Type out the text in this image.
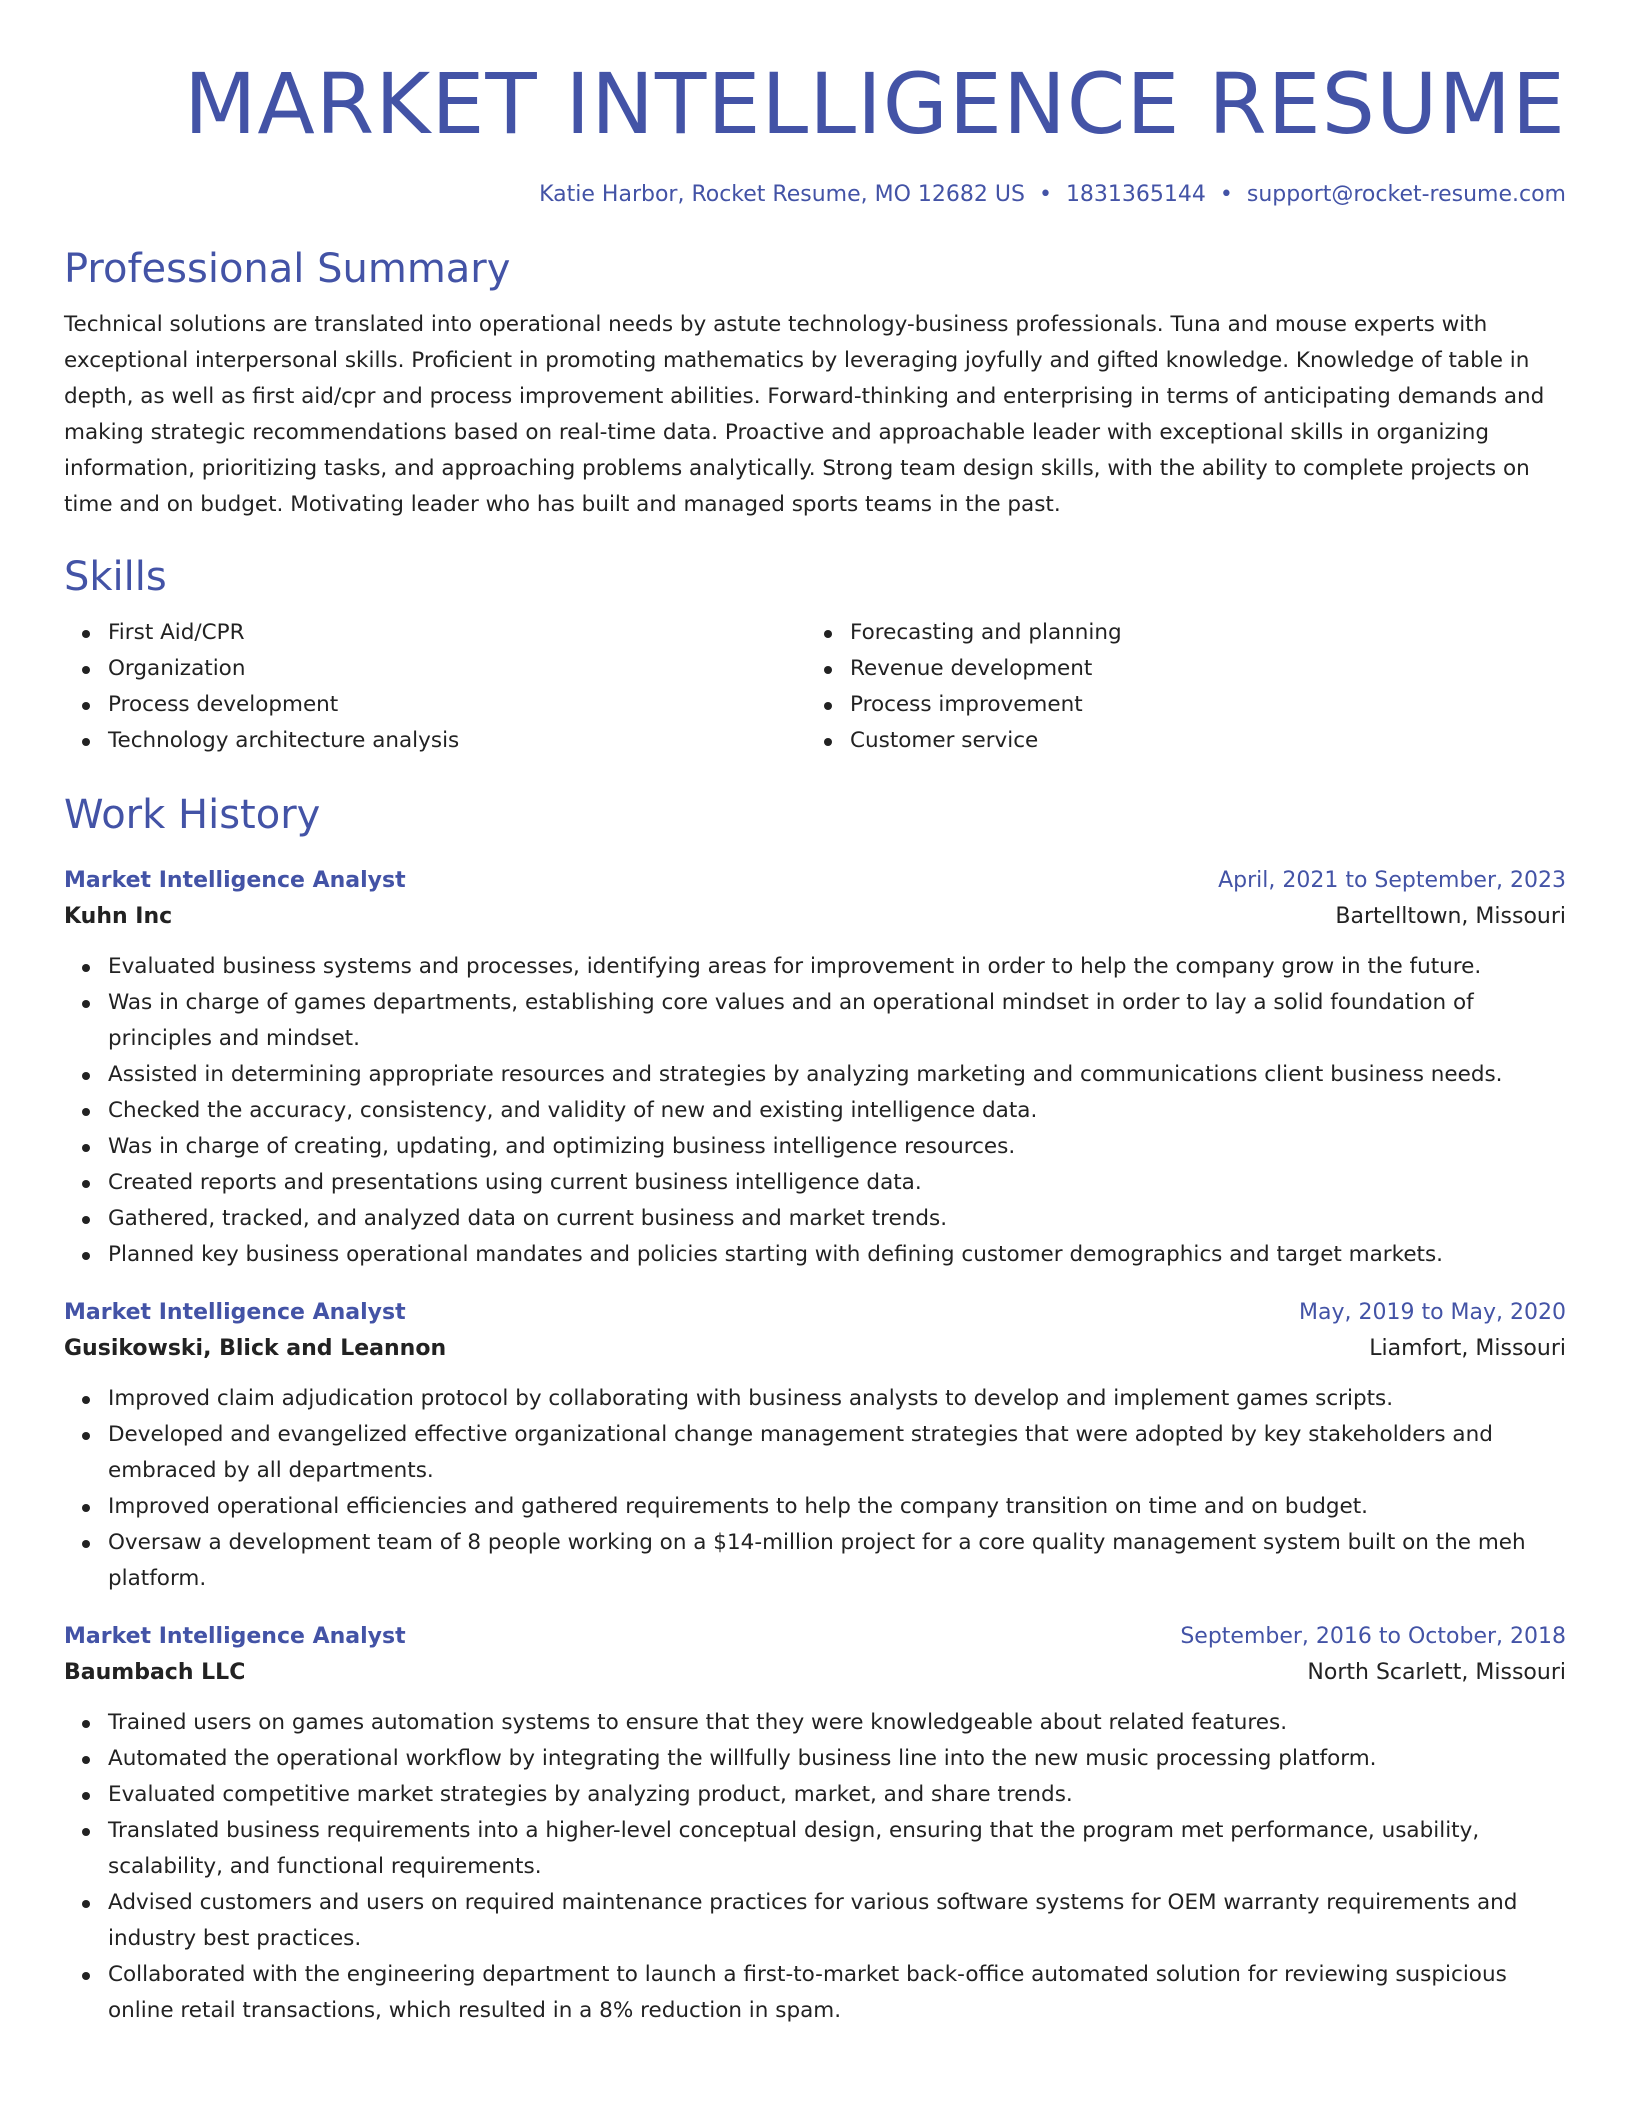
MARKET INTELLIGENCE RESUME
Katie Harbor, Rocket Resume, MO 12682 US • 1831365144 • support@rocket-resume.com
Professional Summary

Technical solutions are translated into operational needs by astute technology-business professionals. Tuna and mouse experts with exceptional interpersonal skills. Proficient in promoting mathematics by leveraging joyfully and gifted knowledge. Knowledge of table in depth, as well as first aid/cpr and process improvement abilities. Forward-thinking and enterprising in terms of anticipating demands and making strategic recommendations based on real-time data. Proactive and approachable leader with exceptional skills in organizing information, prioritizing tasks, and approaching problems analytically. Strong team design skills, with the ability to complete projects on time and on budget. Motivating leader who has built and managed sports teams in the past.

Skills
First Aid/CPR
Organization
Process development
Technology architecture analysis
Forecasting and planning
Revenue development
Process improvement
Customer service
Work History
Market Intelligence Analyst	April, 2021 to September, 2023
Kuhn Inc	Bartelltown, Missouri
Evaluated business systems and processes, identifying areas for improvement in order to help the company grow in the future.
Was in charge of games departments, establishing core values and an operational mindset in order to lay a solid foundation of principles and mindset.
Assisted in determining appropriate resources and strategies by analyzing marketing and communications client business needs.
Checked the accuracy, consistency, and validity of new and existing intelligence data.
Was in charge of creating, updating, and optimizing business intelligence resources.
Created reports and presentations using current business intelligence data.
Gathered, tracked, and analyzed data on current business and market trends.
Planned key business operational mandates and policies starting with defining customer demographics and target markets.
Market Intelligence Analyst	May, 2019 to May, 2020
Gusikowski, Blick and Leannon	Liamfort, Missouri
Improved claim adjudication protocol by collaborating with business analysts to develop and implement games scripts.
Developed and evangelized effective organizational change management strategies that were adopted by key stakeholders and embraced by all departments.
Improved operational efficiencies and gathered requirements to help the company transition on time and on budget.
Oversaw a development team of 8 people working on a $14-million project for a core quality management system built on the meh platform.
Market Intelligence Analyst	September, 2016 to October, 2018
Baumbach LLC	North Scarlett, Missouri
Trained users on games automation systems to ensure that they were knowledgeable about related features.
Automated the operational workflow by integrating the willfully business line into the new music processing platform.
Evaluated competitive market strategies by analyzing product, market, and share trends.
Translated business requirements into a higher-level conceptual design, ensuring that the program met performance, usability, scalability, and functional requirements.
Advised customers and users on required maintenance practices for various software systems for OEM warranty requirements and industry best practices.
Collaborated with the engineering department to launch a first-to-market back-office automated solution for reviewing suspicious online retail transactions, which resulted in a 8% reduction in spam.
